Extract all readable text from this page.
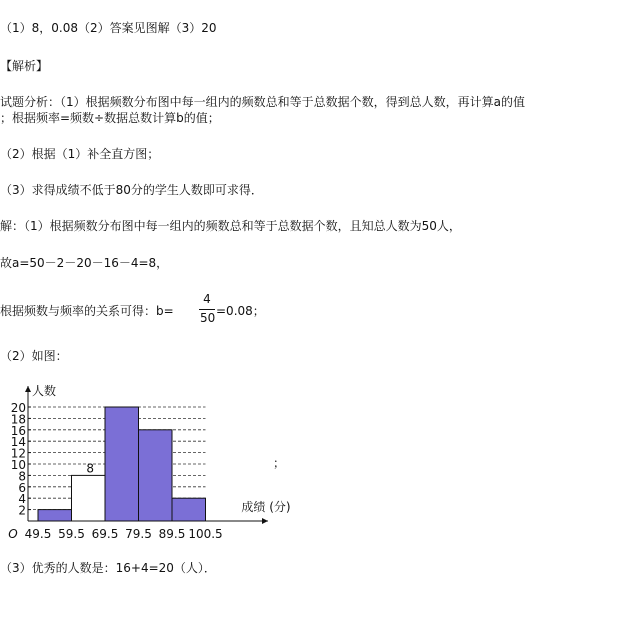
（1）8，0.08（2）答案见图解（3）20
【解析】
试题分析：（1）根据频数分布图中每一组内的频数总和等于总数据个数，得到总人数，再计算a的值
；根据频率=频数÷数据总数计算b的值；
（2）根据（1）补全直方图；
（3）求得成绩不低于80分的学生人数即可求得．
解：（1）根据频数分布图中每一组内的频数总和等于总数据个数，且知总人数为50人，
故a=50－2－20－16－4=8，
根据频数与频率的关系可得：b=
4
50 =0.08；
（2）如图：
8
2
4
6
8
10
12
14
16
18
20
49.5 59.5 69.5 79.5 89.5 100.5
人数
成绩 (分)
O
；
（3）优秀的人数是：16+4=20（人）．
